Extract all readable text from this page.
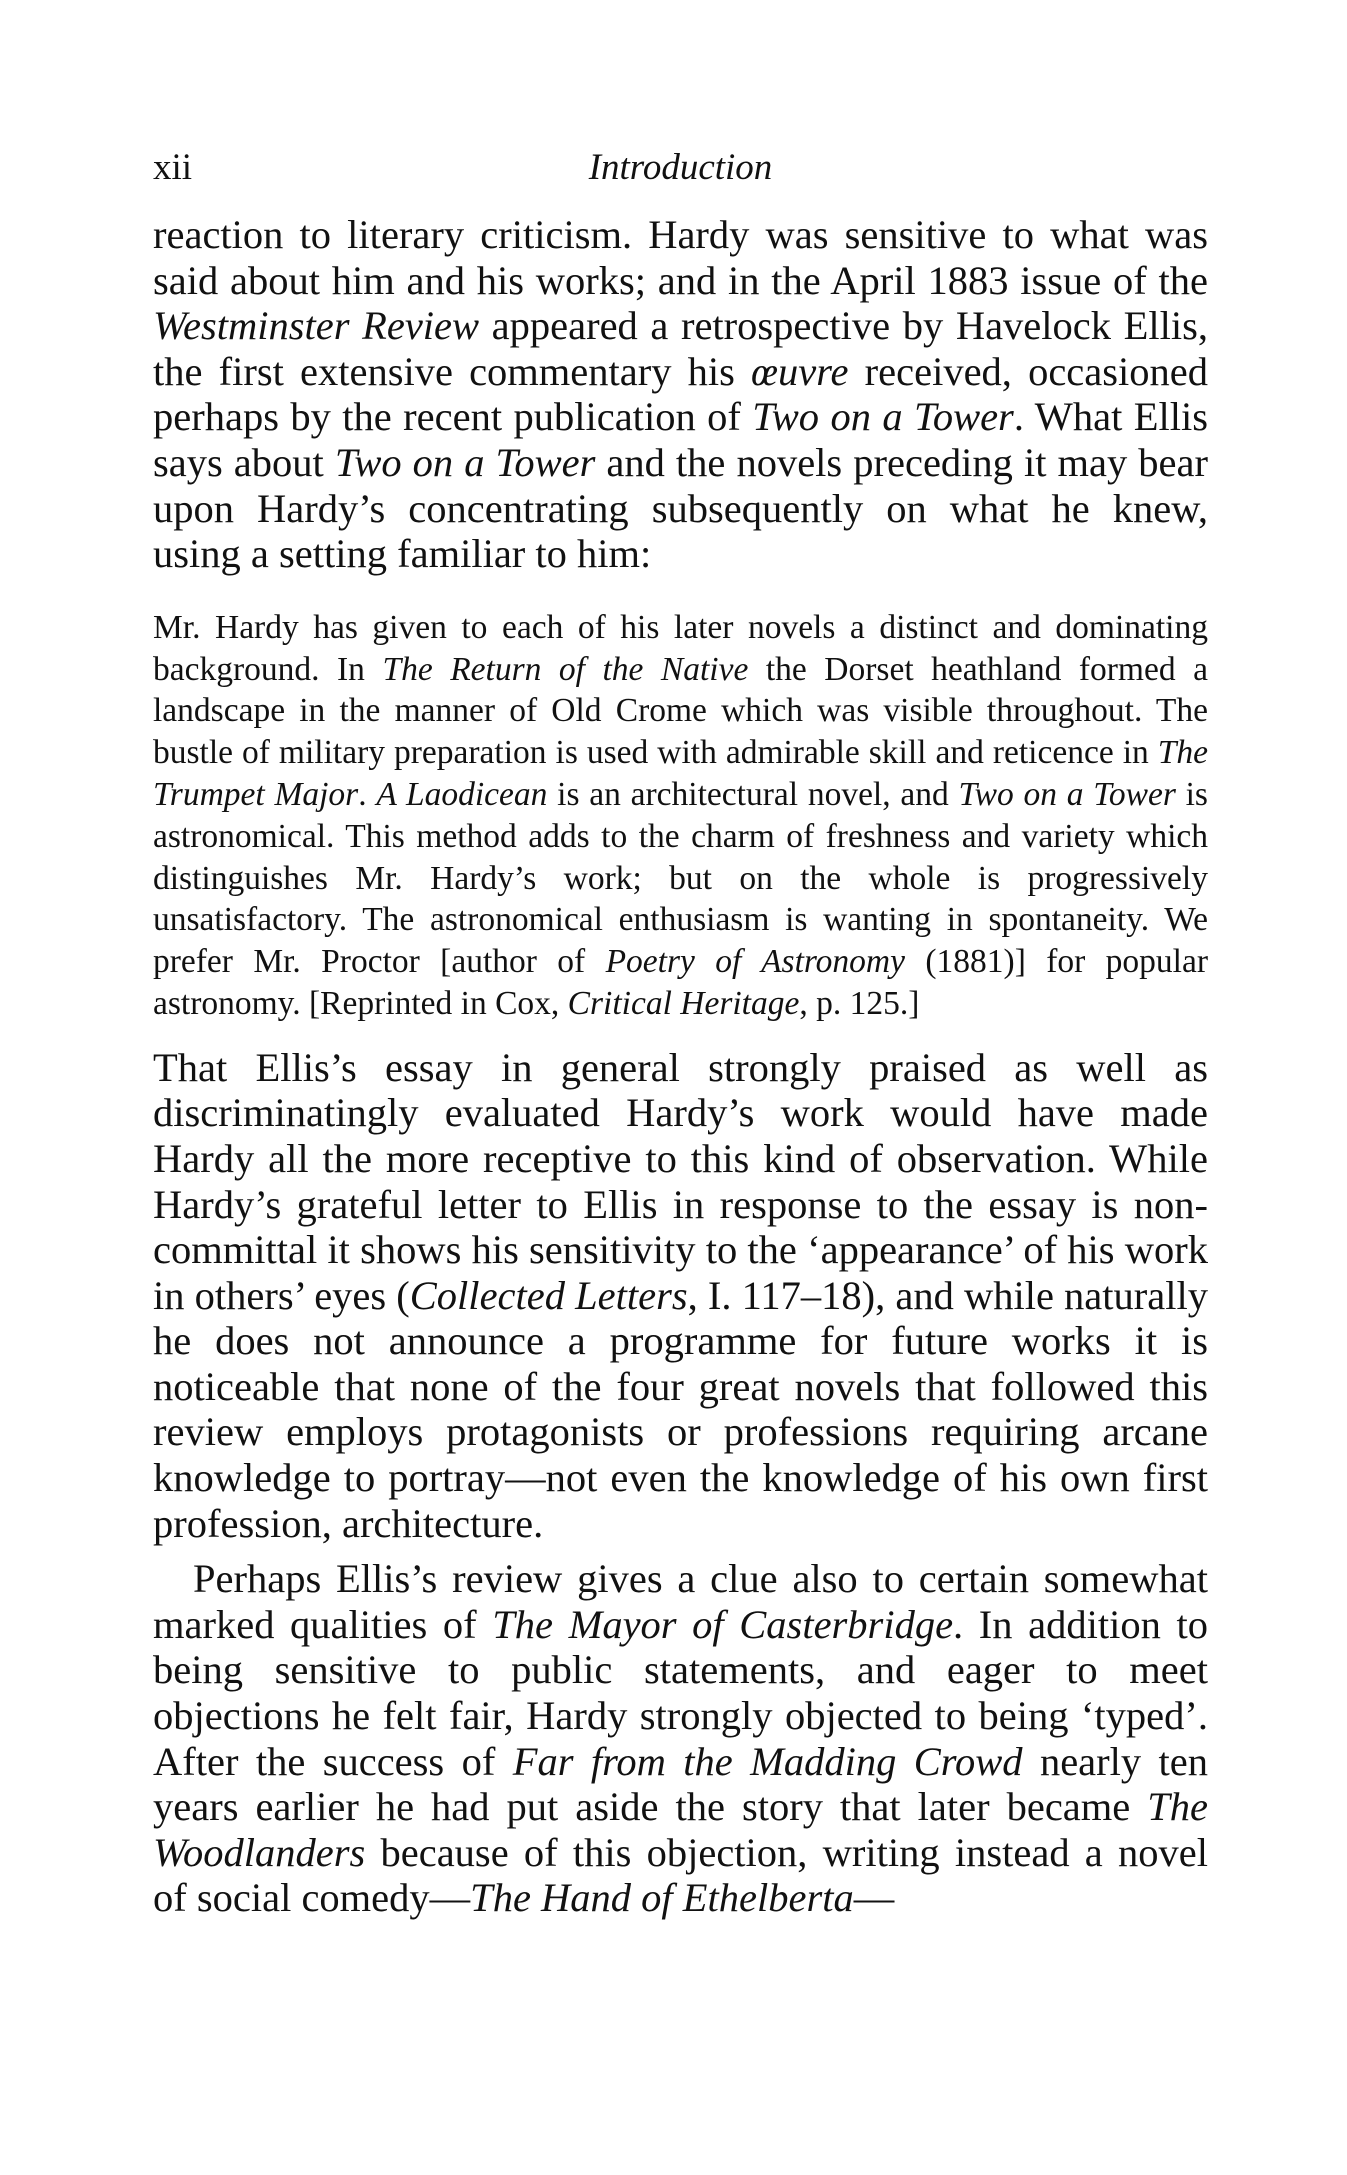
xii	Introduction

reaction to literary criticism. Hardy was sensitive to what was said about him and his works; and in the April 1883 issue of the Westminster Review appeared a retrospective by Havelock Ellis, the first extensive commentary his œuvre received, occasioned perhaps by the recent publication of Two on a Tower. What Ellis says about Two on a Tower and the novels preceding it may bear upon Hardy’s concentrating subsequently on what he knew, using a setting familiar to him:

Mr. Hardy has given to each of his later novels a distinct and dominating background. In The Return of the Native the Dorset heathland formed a landscape in the manner of Old Crome which was visible throughout. The bustle of military preparation is used with admirable skill and reticence in The Trumpet Major. A Laodicean is an architectural novel, and Two on a Tower is astronomical. This method adds to the charm of freshness and variety which distinguishes Mr. Hardy’s work; but on the whole is progressively unsatisfactory. The astronomical enthusiasm is wanting in spontaneity. We prefer Mr. Proctor [author of Poetry of Astronomy (1881)] for popular astronomy. [Reprinted in Cox, Critical Heritage, p. 125.]

That Ellis’s essay in general strongly praised as well as discriminatingly evaluated Hardy’s work would have made Hardy all the more receptive to this kind of observation. While Hardy’s grateful letter to Ellis in response to the essay is non-committal it shows his sensitivity to the ‘appearance’ of his work in others’ eyes (Collected Letters, I. 117–18), and while naturally he does not announce a programme for future works it is noticeable that none of the four great novels that followed this review employs protagonists or professions requiring arcane knowledge to portray—not even the knowledge of his own first profession, architecture.

Perhaps Ellis’s review gives a clue also to certain somewhat marked qualities of The Mayor of Casterbridge. In addition to being sensitive to public statements, and eager to meet objections he felt fair, Hardy strongly objected to being ‘typed’. After the success of Far from the Madding Crowd nearly ten years earlier he had put aside the story that later became The Woodlanders because of this objection, writing instead a novel of social comedy—The Hand of Ethelberta—
